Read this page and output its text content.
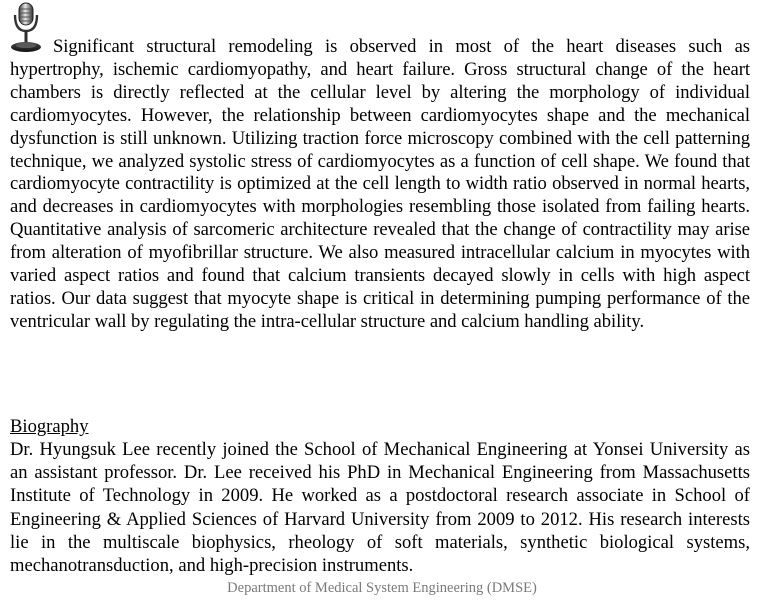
Significant structural remodeling is observed in most of the heart diseases such as hypertrophy, ischemic cardiomyopathy, and heart failure. Gross structural change of the heart chambers is directly reflected at the cellular level by altering the morphology of individual cardiomyocytes. However, the relationship between cardiomyocytes shape and the mechanical dysfunction is still unknown. Utilizing traction force microscopy combined with the cell patterning technique, we analyzed systolic stress of cardiomyocytes as a function of cell shape. We found that cardiomyocyte contractility is optimized at the cell length to width ratio observed in normal hearts, and decreases in cardiomyocytes with morphologies resembling those isolated from failing hearts. Quantitative analysis of sarcomeric architecture revealed that the change of contractility may arise from alteration of myofibrillar structure. We also measured intracellular calcium in myocytes with varied aspect ratios and found that calcium transients decayed slowly in cells with high aspect ratios. Our data suggest that myocyte shape is critical in determining pumping performance of the ventricular wall by regulating the intra-cellular structure and calcium handling ability.

Biography

Dr. Hyungsuk Lee recently joined the School of Mechanical Engineering at Yonsei University as an assistant professor. Dr. Lee received his PhD in Mechanical Engineering from Massachusetts Institute of Technology in 2009. He worked as a postdoctoral research associate in School of Engineering & Applied Sciences of Harvard University from 2009 to 2012. His research interests lie in the multiscale biophysics, rheology of soft materials, synthetic biological systems, mechanotransduction, and high-precision instruments.

Department of Medical System Engineering (DMSE)
